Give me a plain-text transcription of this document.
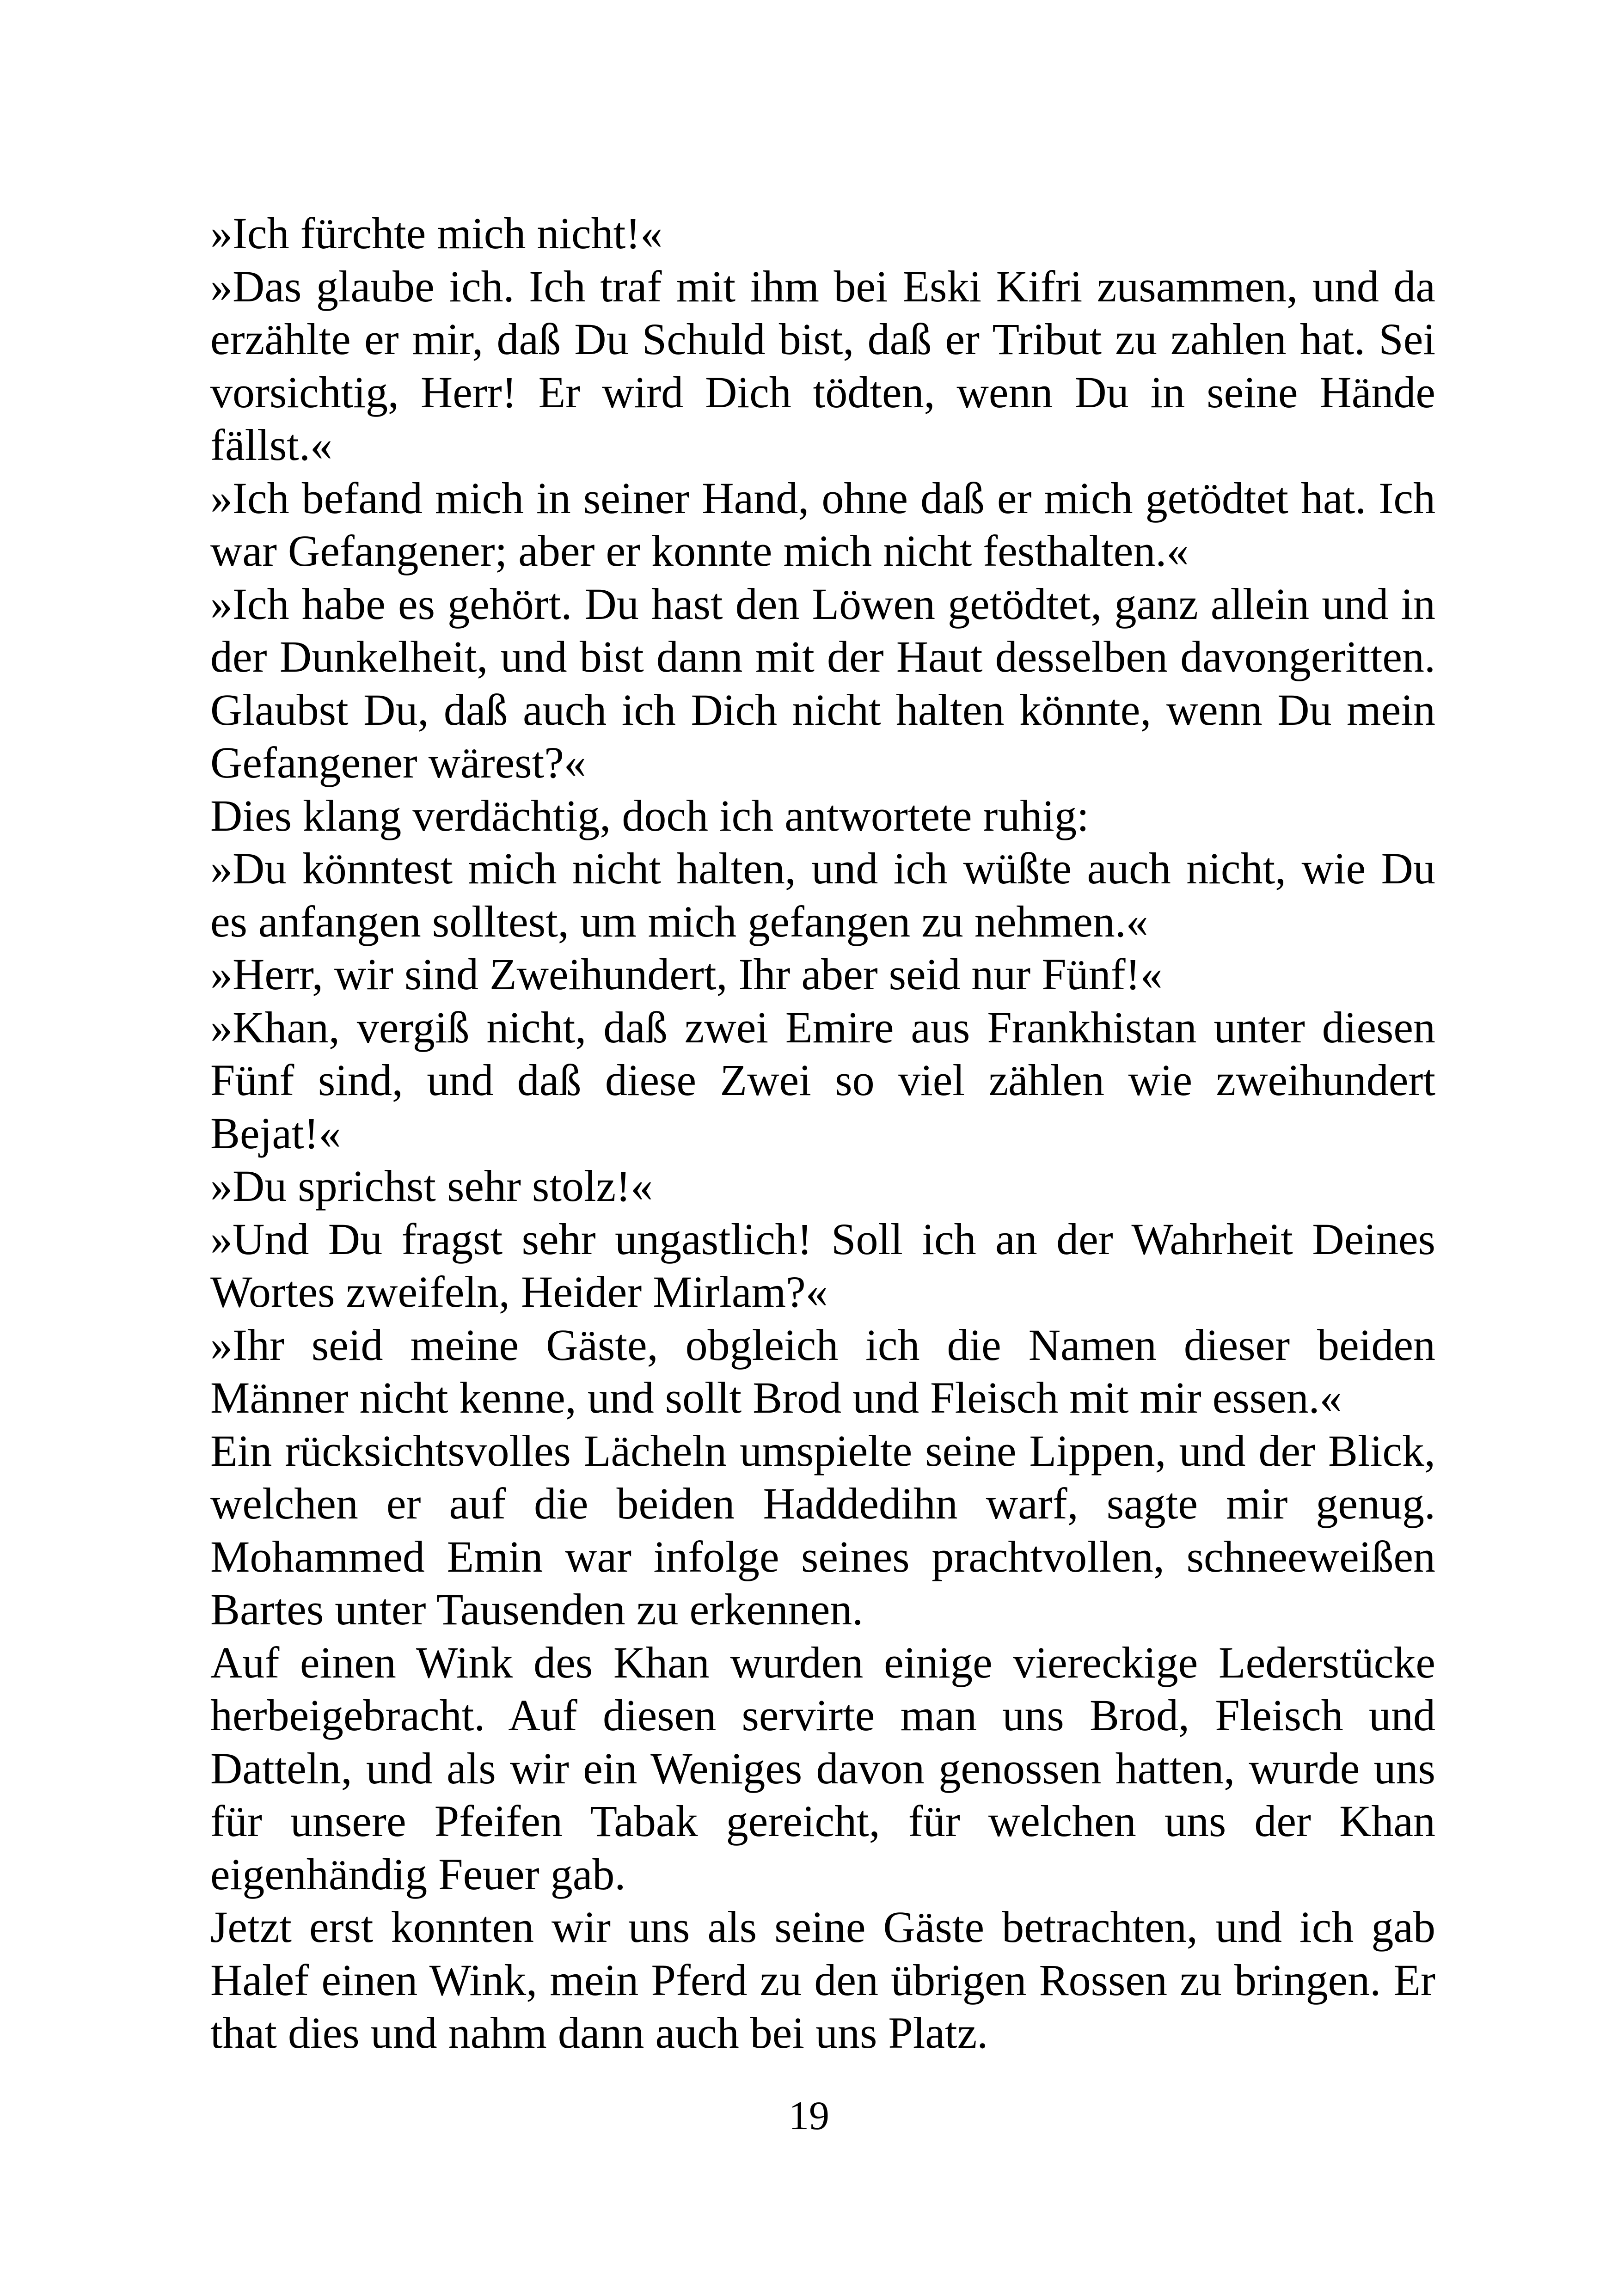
»Ich fürchte mich nicht!«

»Das glaube ich. Ich traf mit ihm bei Eski Kifri zusammen, und da erzählte er mir, daß Du Schuld bist, daß er Tribut zu zahlen hat. Sei vorsichtig, Herr! Er wird Dich tödten, wenn Du in seine Hände fällst.«

»Ich befand mich in seiner Hand, ohne daß er mich getödtet hat. Ich war Gefangener; aber er konnte mich nicht festhalten.«

»Ich habe es gehört. Du hast den Löwen getödtet, ganz allein und in der Dunkelheit, und bist dann mit der Haut desselben davongeritten. Glaubst Du, daß auch ich Dich nicht halten könnte, wenn Du mein Gefangener wärest?«

Dies klang verdächtig, doch ich antwortete ruhig:

»Du könntest mich nicht halten, und ich wüßte auch nicht, wie Du es anfangen solltest, um mich gefangen zu nehmen.«

»Herr, wir sind Zweihundert, Ihr aber seid nur Fünf!«

»Khan, vergiß nicht, daß zwei Emire aus Frankhistan unter diesen Fünf sind, und daß diese Zwei so viel zählen wie zweihundert Bejat!«

»Du sprichst sehr stolz!«

»Und Du fragst sehr ungastlich! Soll ich an der Wahrheit Deines Wortes zweifeln, Heider Mirlam?«

»Ihr seid meine Gäste, obgleich ich die Namen dieser beiden Männer nicht kenne, und sollt Brod und Fleisch mit mir essen.«

Ein rücksichtsvolles Lächeln umspielte seine Lippen, und der Blick, welchen er auf die beiden Haddedihn warf, sagte mir genug. Mohammed Emin war infolge seines prachtvollen, schneeweißen Bartes unter Tausenden zu erkennen.

Auf einen Wink des Khan wurden einige viereckige Lederstücke herbeigebracht. Auf diesen servirte man uns Brod, Fleisch und Datteln, und als wir ein Weniges davon genossen hatten, wurde uns für unsere Pfeifen Tabak gereicht, für welchen uns der Khan eigenhändig Feuer gab.

Jetzt erst konnten wir uns als seine Gäste betrachten, und ich gab Halef einen Wink, mein Pferd zu den übrigen Rossen zu bringen. Er that dies und nahm dann auch bei uns Platz.

19
